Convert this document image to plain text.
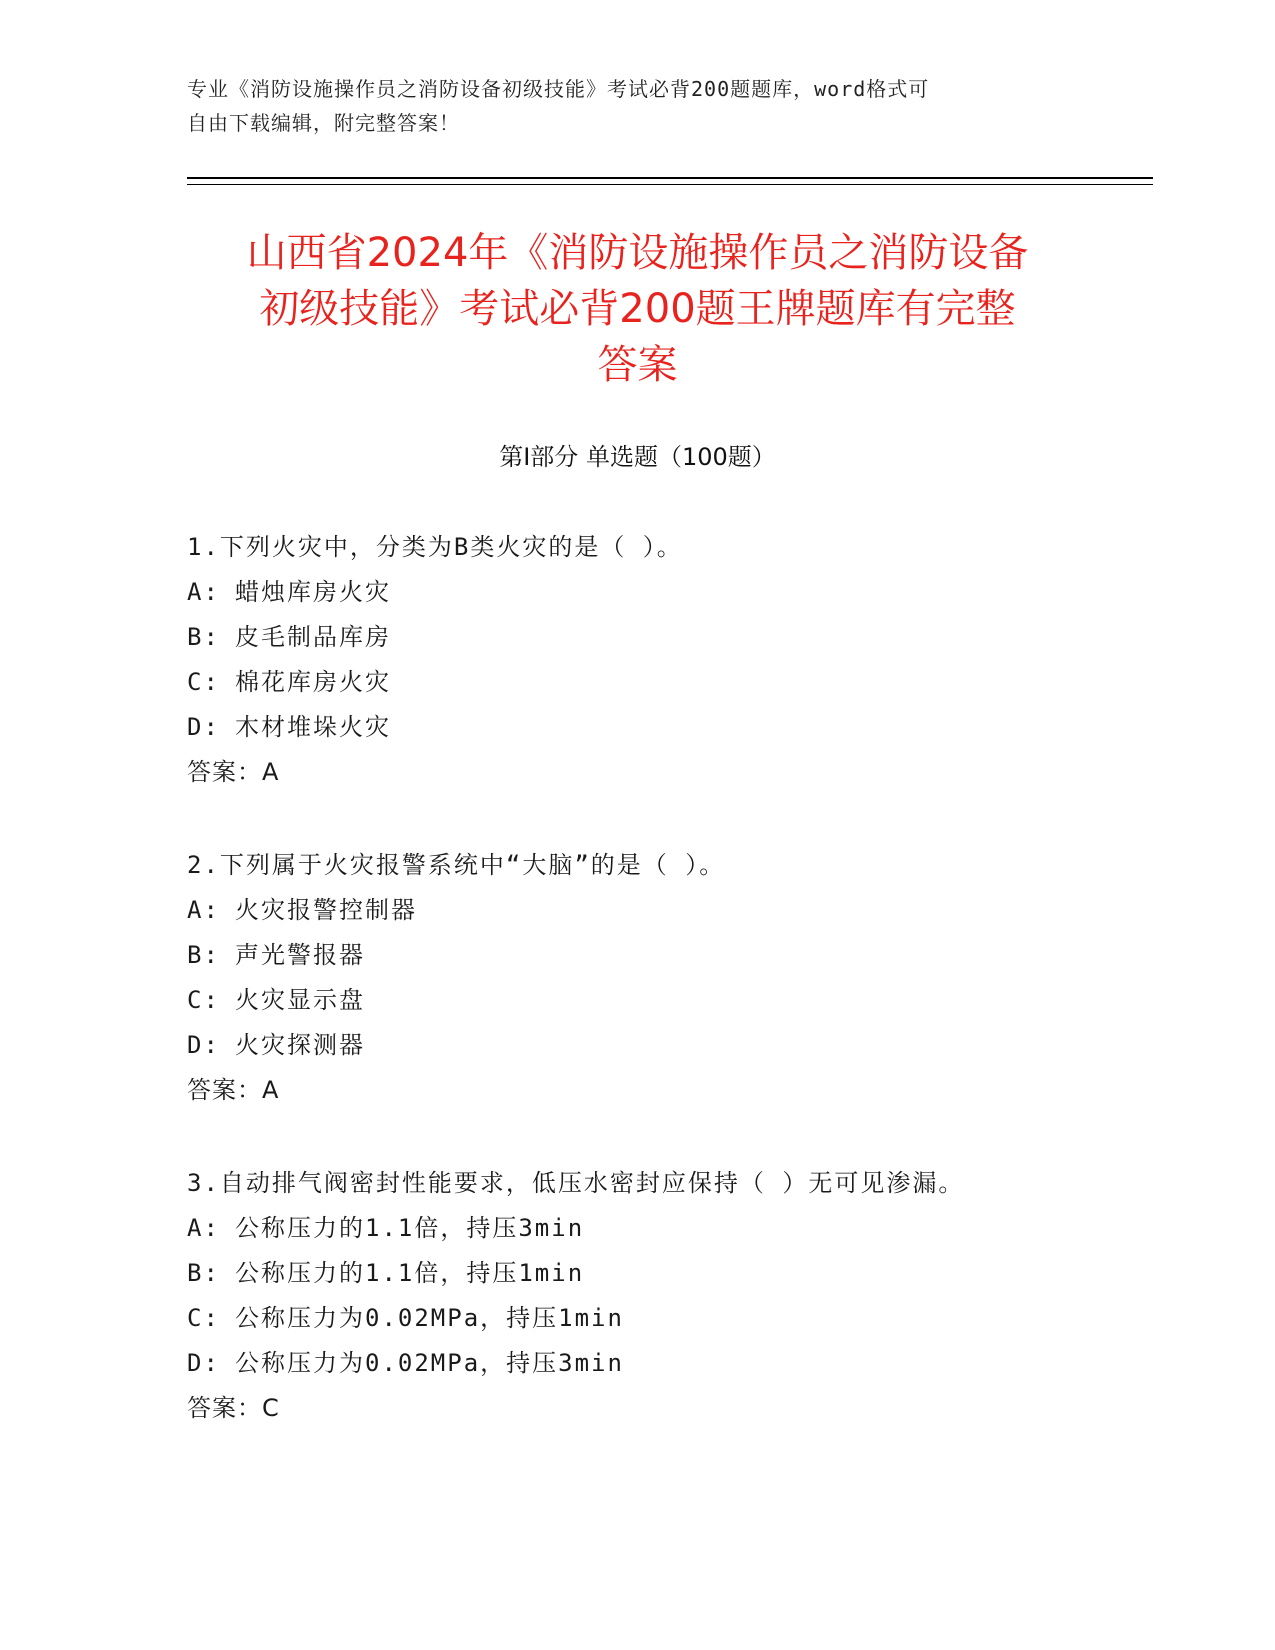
专业《消防设施操作员之消防设备初级技能》考试必背200题题库，word格式可
自由下载编辑，附完整答案！
山西省2024年《消防设施操作员之消防设备
初级技能》考试必背200题王牌题库有完整
答案
第Ⅰ部分 单选题（100题）
1.下列火灾中，分类为B类火灾的是（ ）。
A: 蜡烛库房火灾
B: 皮毛制品库房
C: 棉花库房火灾
D: 木材堆垛火灾
答案：A
2.下列属于火灾报警系统中“大脑”的是（ ）。
A: 火灾报警控制器
B: 声光警报器
C: 火灾显示盘
D: 火灾探测器
答案：A
3.自动排气阀密封性能要求，低压水密封应保持（ ）无可见渗漏。
A: 公称压力的1.1倍，持压3min
B: 公称压力的1.1倍，持压1min
C: 公称压力为0.02MPa，持压1min
D: 公称压力为0.02MPa，持压3min
答案：C
